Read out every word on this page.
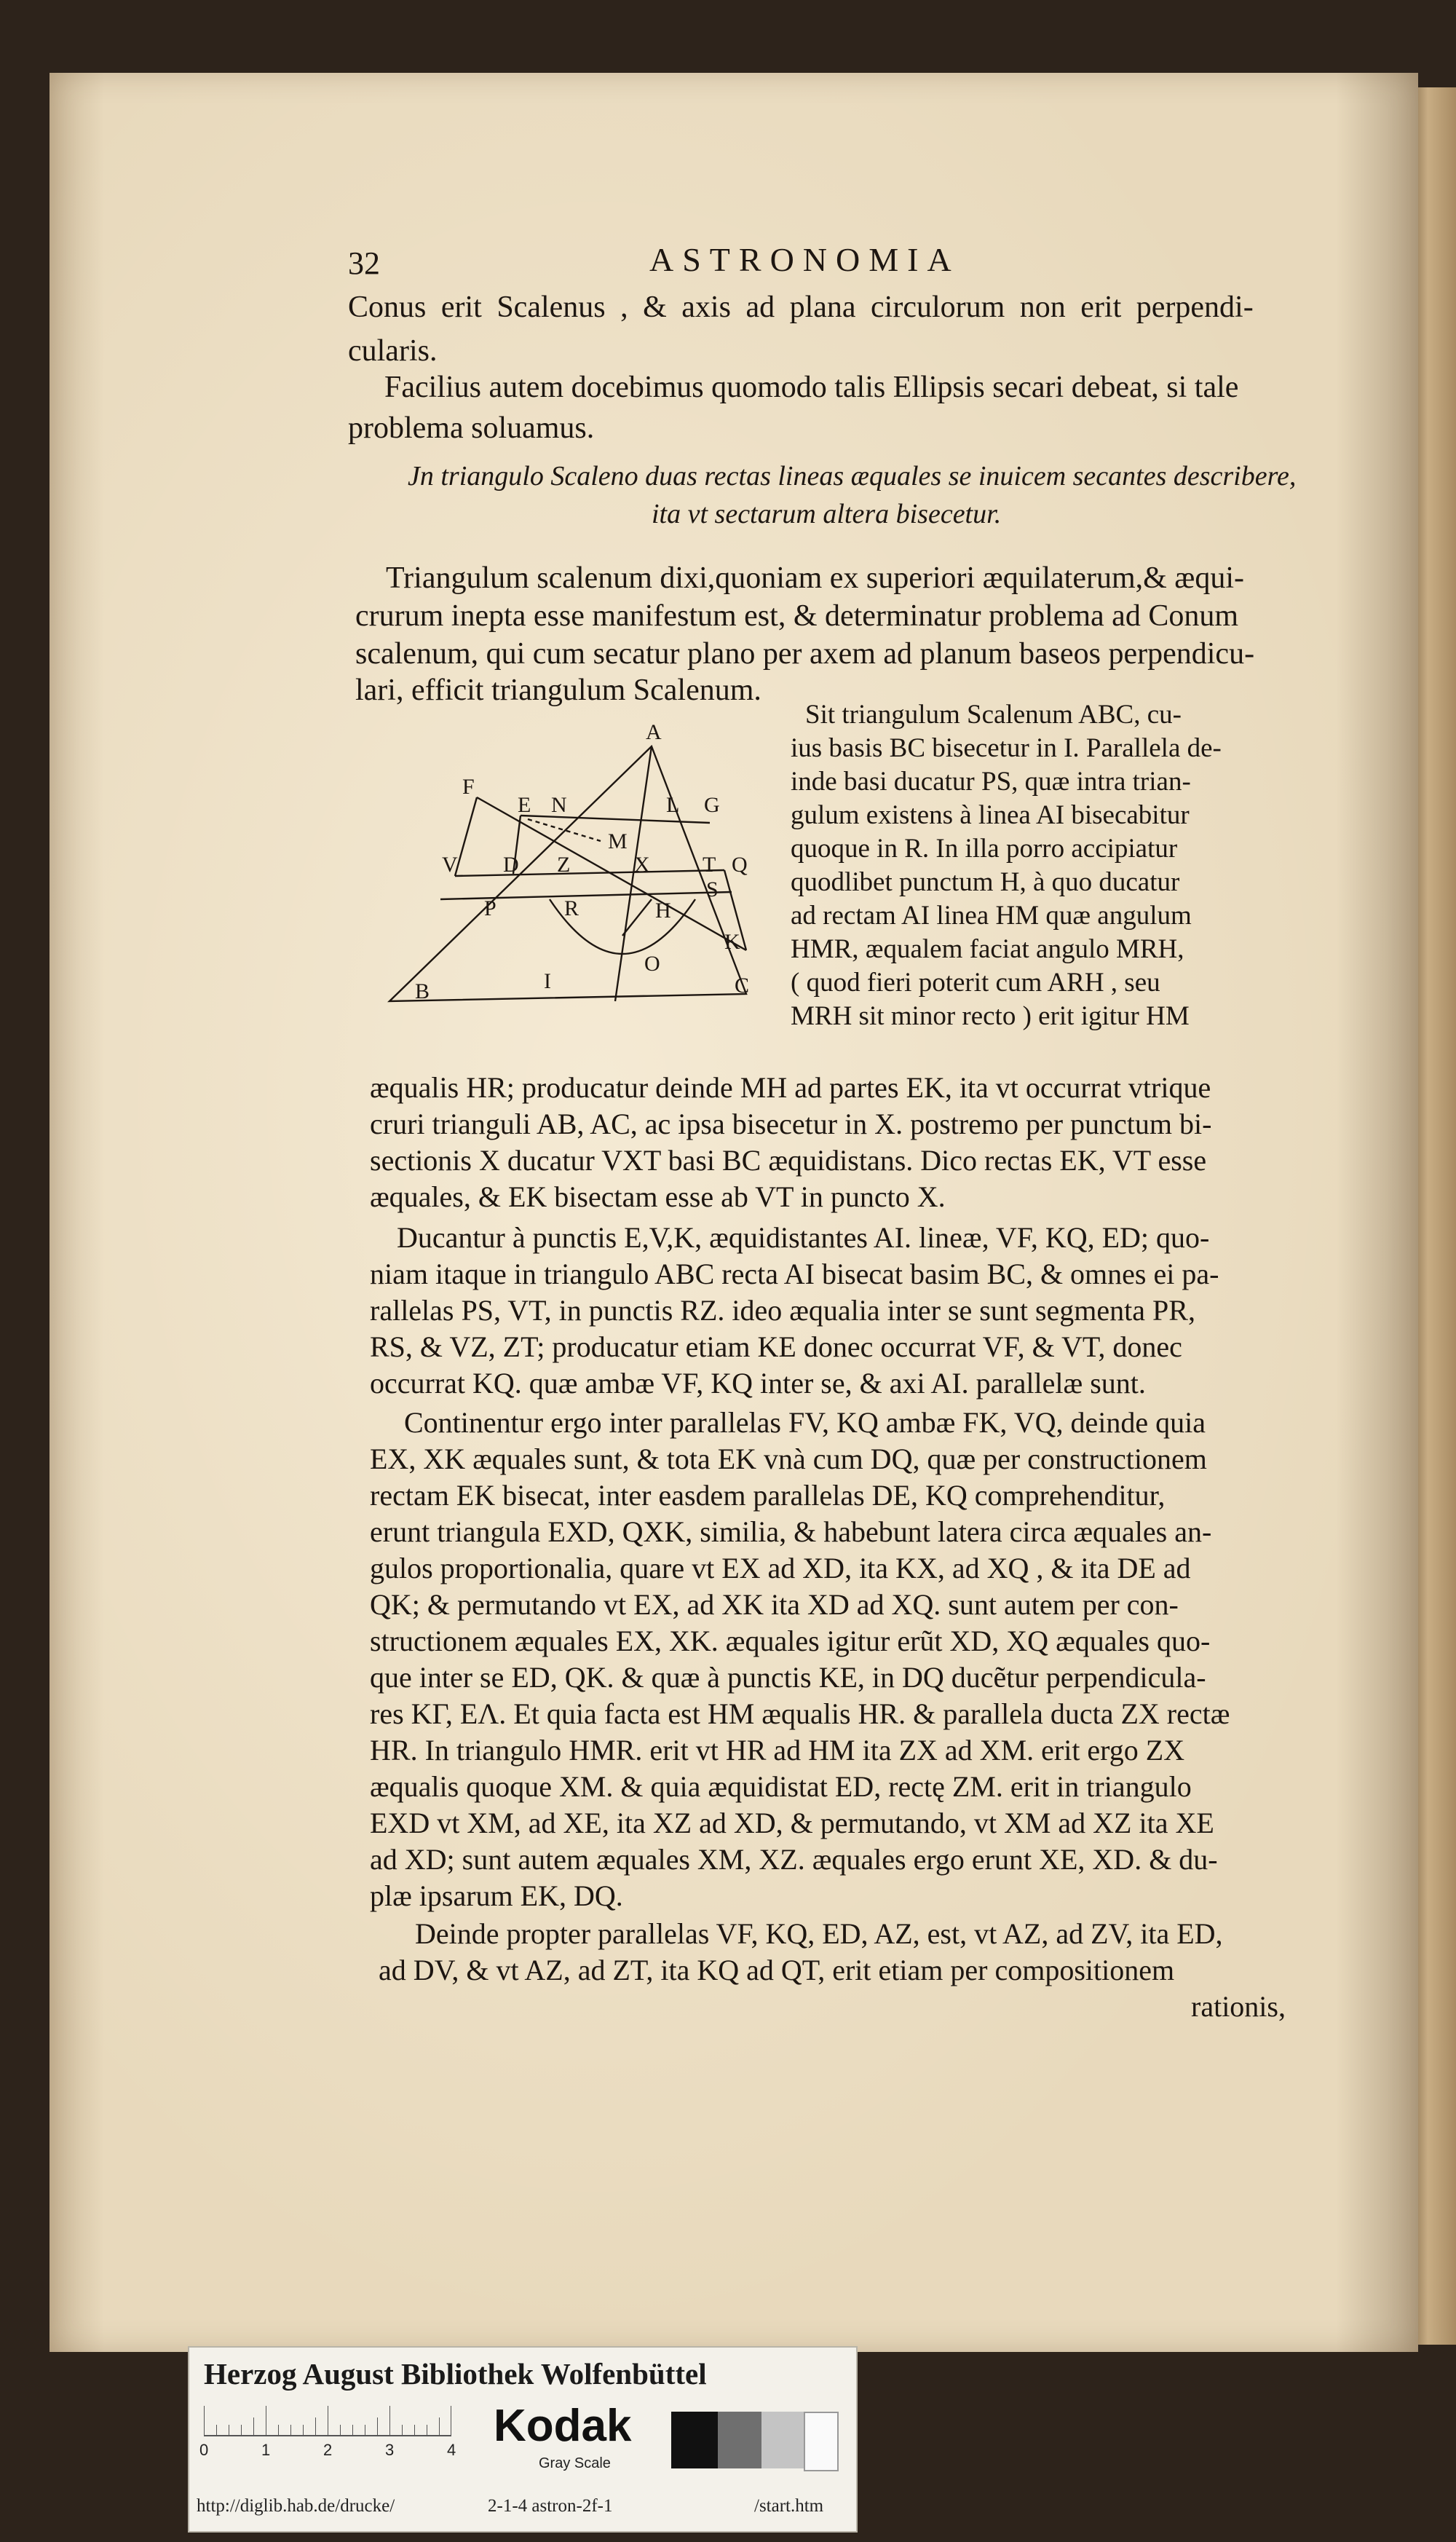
32	ASTRONOMIA
Conus erit Scalenus , & axis ad plana circulorum non erit perpendi-
cularis.
Facilius autem docebimus quomodo talis Ellipsis secari debeat, si tale
problema soluamus.
Jn triangulo Scaleno duas rectas lineas æquales se inuicem secantes describere,
ita vt sectarum altera bisecetur.
Triangulum scalenum dixi,quoniam ex superiori æquilaterum,& æqui-
crurum inepta esse manifestum est, & determinatur problema ad Conum
scalenum, qui cum secatur plano per axem ad planum baseos perpendicu-
lari, efficit triangulum Scalenum.
Sit triangulum Scalenum ABC, cu-
ius basis BC bisecetur in I. Parallela de-
inde basi ducatur PS, quæ intra trian-
gulum existens à linea AI bisecabitur
quoque in R. In illa porro accipiatur
quodlibet punctum H, à quo ducatur
ad rectam AI linea HM quæ angulum
HMR, æqualem faciat angulo MRH,
( quod fieri poterit cum ARH , seu
MRH sit minor recto ) erit igitur HM
A
F
E N	L G
M
V D Z	X T Q
S
P	R	H
K
B	I
O
C
æqualis HR; producatur deinde MH ad partes EK, ita vt occurrat vtrique
cruri trianguli AB, AC, ac ipsa bisecetur in X. postremo per punctum bi-
sectionis X ducatur VXT basi BC æquidistans. Dico rectas EK, VT esse
æquales, & EK bisectam esse ab VT in puncto X.
Ducantur à punctis E,V,K, æquidistantes AI. lineæ, VF, KQ, ED; quo-
niam itaque in triangulo ABC recta AI bisecat basim BC, & omnes ei pa-
rallelas PS, VT, in punctis RZ. ideo æqualia inter se sunt segmenta PR,
RS, & VZ, ZT; producatur etiam KE donec occurrat VF, & VT, donec
occurrat KQ. quæ ambæ VF, KQ inter se, & axi AI. parallelæ sunt.
Continentur ergo inter parallelas FV, KQ ambæ FK, VQ, deinde quia
EX, XK æquales sunt, & tota EK vnà cum DQ, quæ per constructionem
rectam EK bisecat, inter easdem parallelas DE, KQ comprehenditur,
erunt triangula EXD, QXK, similia, & habebunt latera circa æquales an-
gulos proportionalia, quare vt EX ad XD, ita KX, ad XQ , & ita DE ad
QK; & permutando vt EX, ad XK ita XD ad XQ. sunt autem per con-
structionem æquales EX, XK. æquales igitur erũt XD, XQ æquales quo-
que inter se ED, QK. & quæ à punctis KE, in DQ ducẽtur perpendicula-
res KΓ, EΛ. Et quia facta est HM æqualis HR. & parallela ducta ZX rectæ
HR. In triangulo HMR. erit vt HR ad HM ita ZX ad XM. erit ergo ZX
æqualis quoque XM. & quia æquidistat ED, rectę ZM. erit in triangulo
EXD vt XM, ad XE, ita XZ ad XD, & permutando, vt XM ad XZ ita XE
ad XD; sunt autem æquales XM, XZ. æquales ergo erunt XE, XD. & du-
plæ ipsarum EK, DQ.
Deinde propter parallelas VF, KQ, ED, AZ, est, vt AZ, ad ZV, ita ED,
ad DV, & vt AZ, ad ZT, ita KQ ad QT, erit etiam per compositionem
rationis,
Herzog August Bibliothek Wolfenbüttel
0	1	2	3	4 Kodak
Gray Scale
http://diglib.hab.de/drucke/	2-1-4 astron-2f-1	/start.htm
